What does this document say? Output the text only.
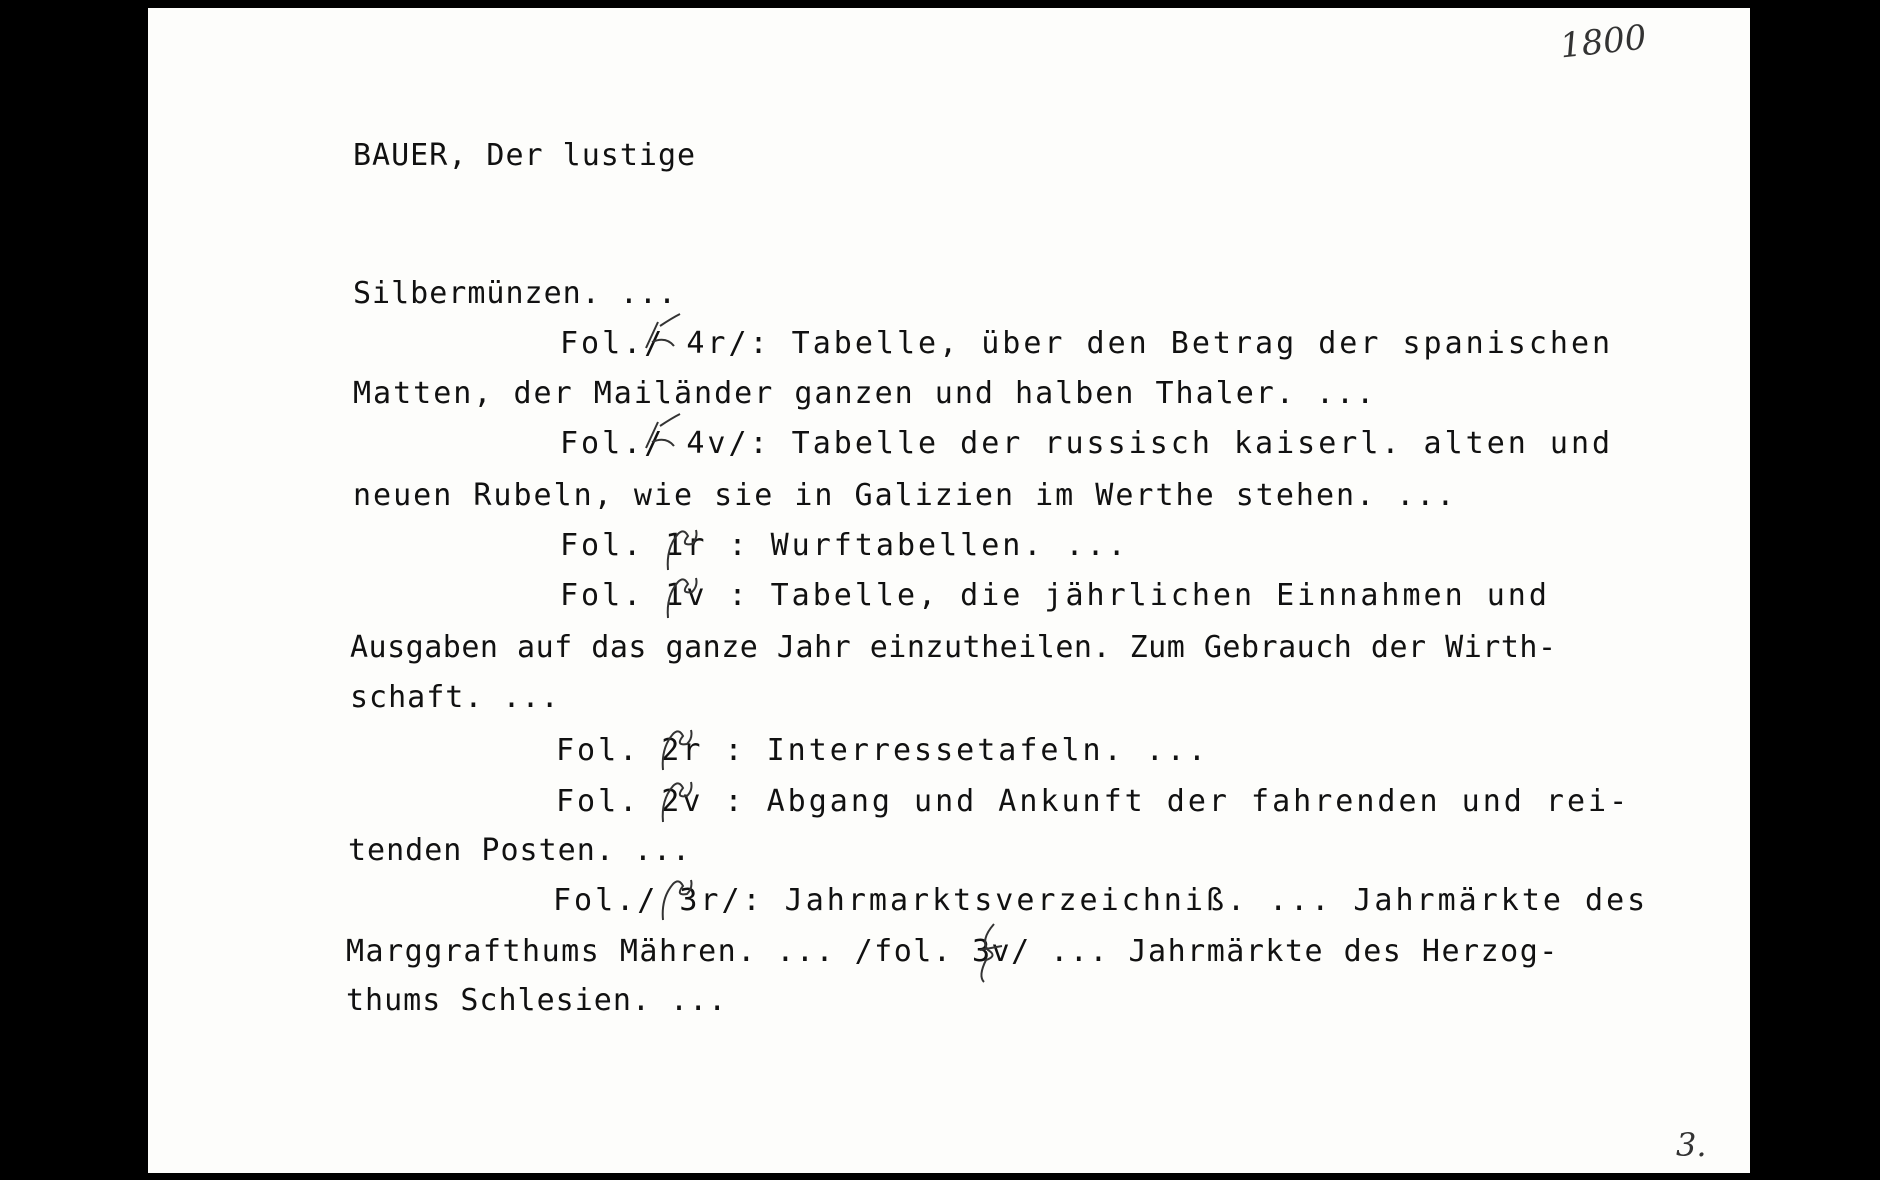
1800
BAUER, Der lustige
Silbermünzen. ...
Fol./ 4r/: Tabelle, über den Betrag der spanischen
Matten, der Mailänder ganzen und halben Thaler. ...
Fol./ 4v/: Tabelle der russisch kaiserl. alten und
neuen Rubeln, wie sie in Galizien im Werthe stehen. ...
Fol. 1r : Wurftabellen. ...
Fol. 1v : Tabelle, die jährlichen Einnahmen und
Ausgaben auf das ganze Jahr einzutheilen. Zum Gebrauch der Wirth-
schaft. ...
Fol. 2r : Interressetafeln. ...
Fol. 2v : Abgang und Ankunft der fahrenden und rei-
tenden Posten. ...
Fol./ 3r/: Jahrmarktsverzeichniß. ... Jahrmärkte des
Marggrafthums Mähren. ... /fol. 3v/ ... Jahrmärkte des Herzog-
thums Schlesien. ...
3.
